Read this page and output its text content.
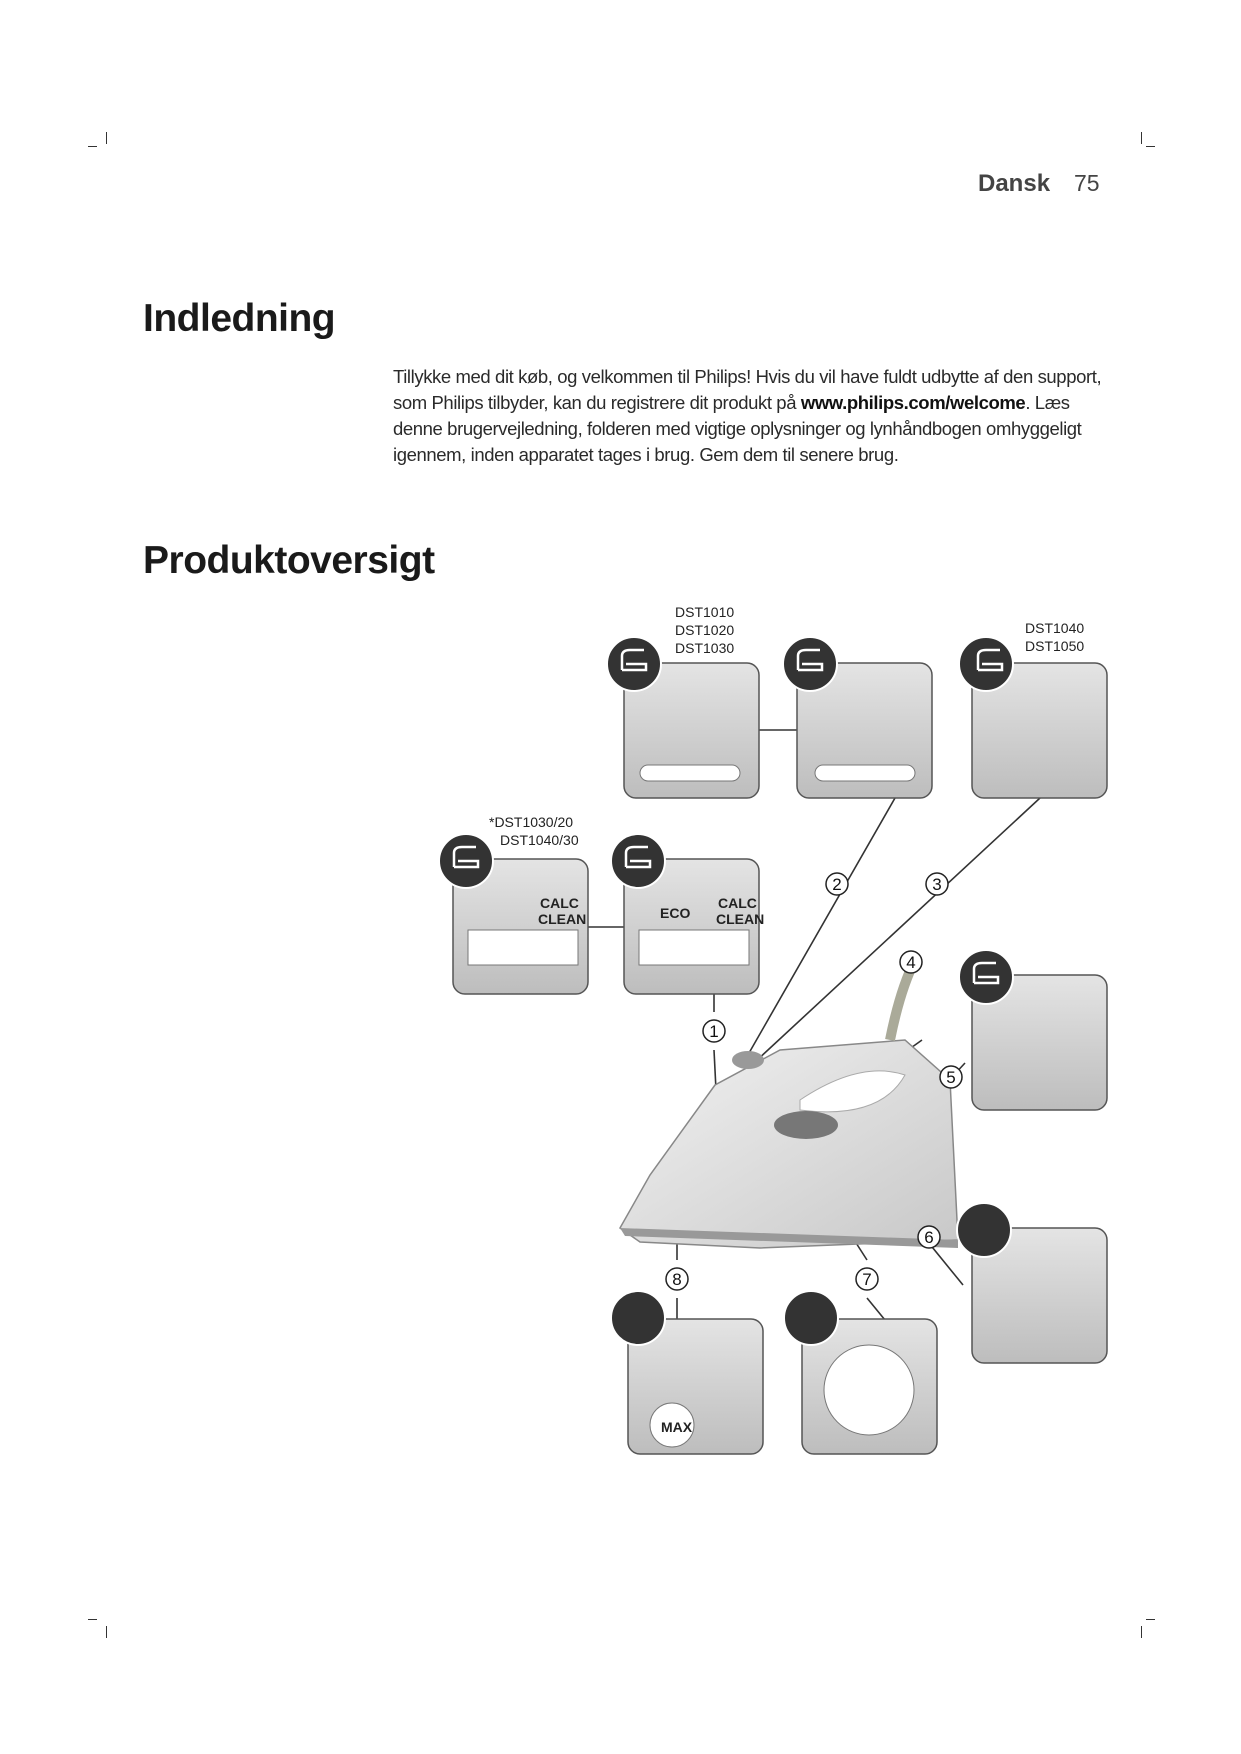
Dansk 75
Indledning
Tillykke med dit køb, og velkommen til Philips! Hvis du vil have fuldt udbytte af den support, som Philips tilbyder, kan du registrere dit produkt på www.philips.com/welcome. Læs denne brugervejledning, folderen med vigtige oplysninger og lynhåndbogen omhyggeligt igennem, inden apparatet tages i brug. Gem dem til senere brug.
Produktoversigt
CALC
CLEAN	ECO
CALC
CLEAN
MAX
DST1010
DST1020
DST1030
DST1040
DST1050
*DST1030/20
DST1040/30
1
2	3
4
5
6
7
8
